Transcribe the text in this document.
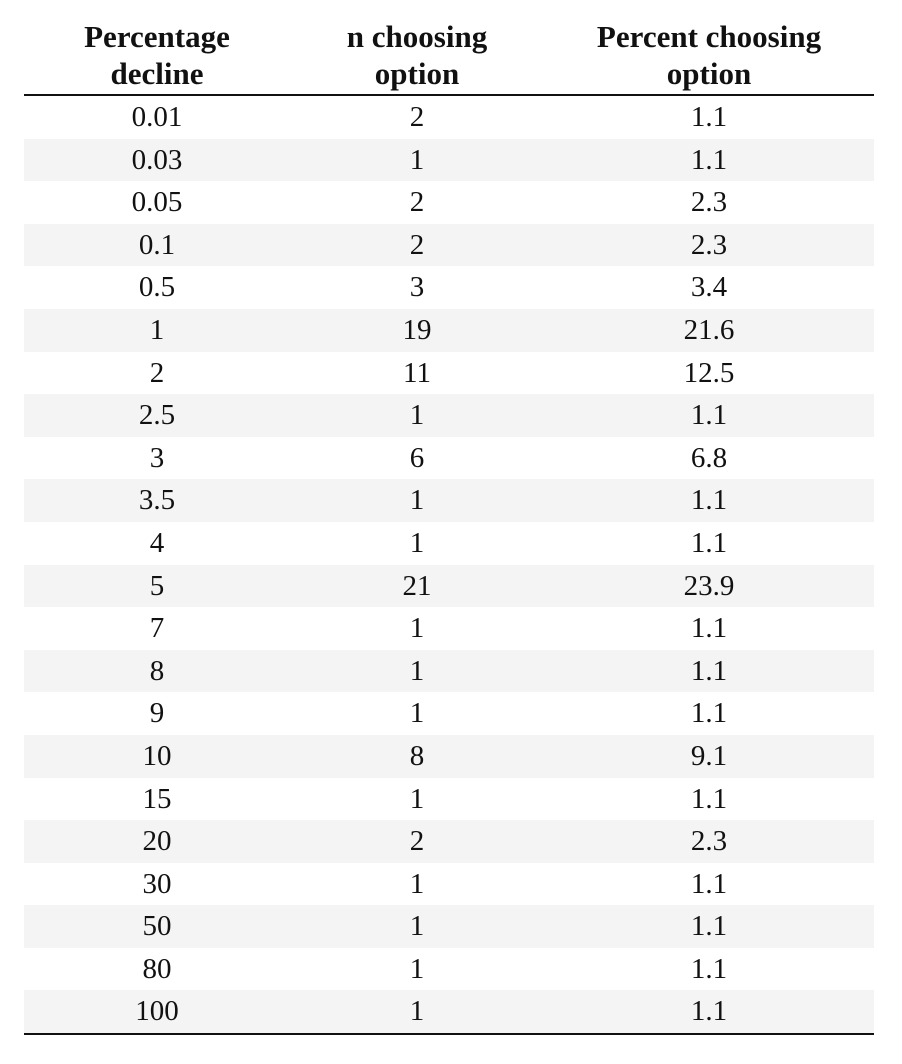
Percentage decline	n choosing option	Percent choosing option

0.01	2	1.1
0.03	1	1.1
0.05	2	2.3
0.1	2	2.3
0.5	3	3.4
1	19	21.6
2	11	12.5
2.5	1	1.1
3	6	6.8
3.5	1	1.1
4	1	1.1
5	21	23.9
7	1	1.1
8	1	1.1
9	1	1.1
10	8	9.1
15	1	1.1
20	2	2.3
30	1	1.1
50	1	1.1
80	1	1.1
100	1	1.1
